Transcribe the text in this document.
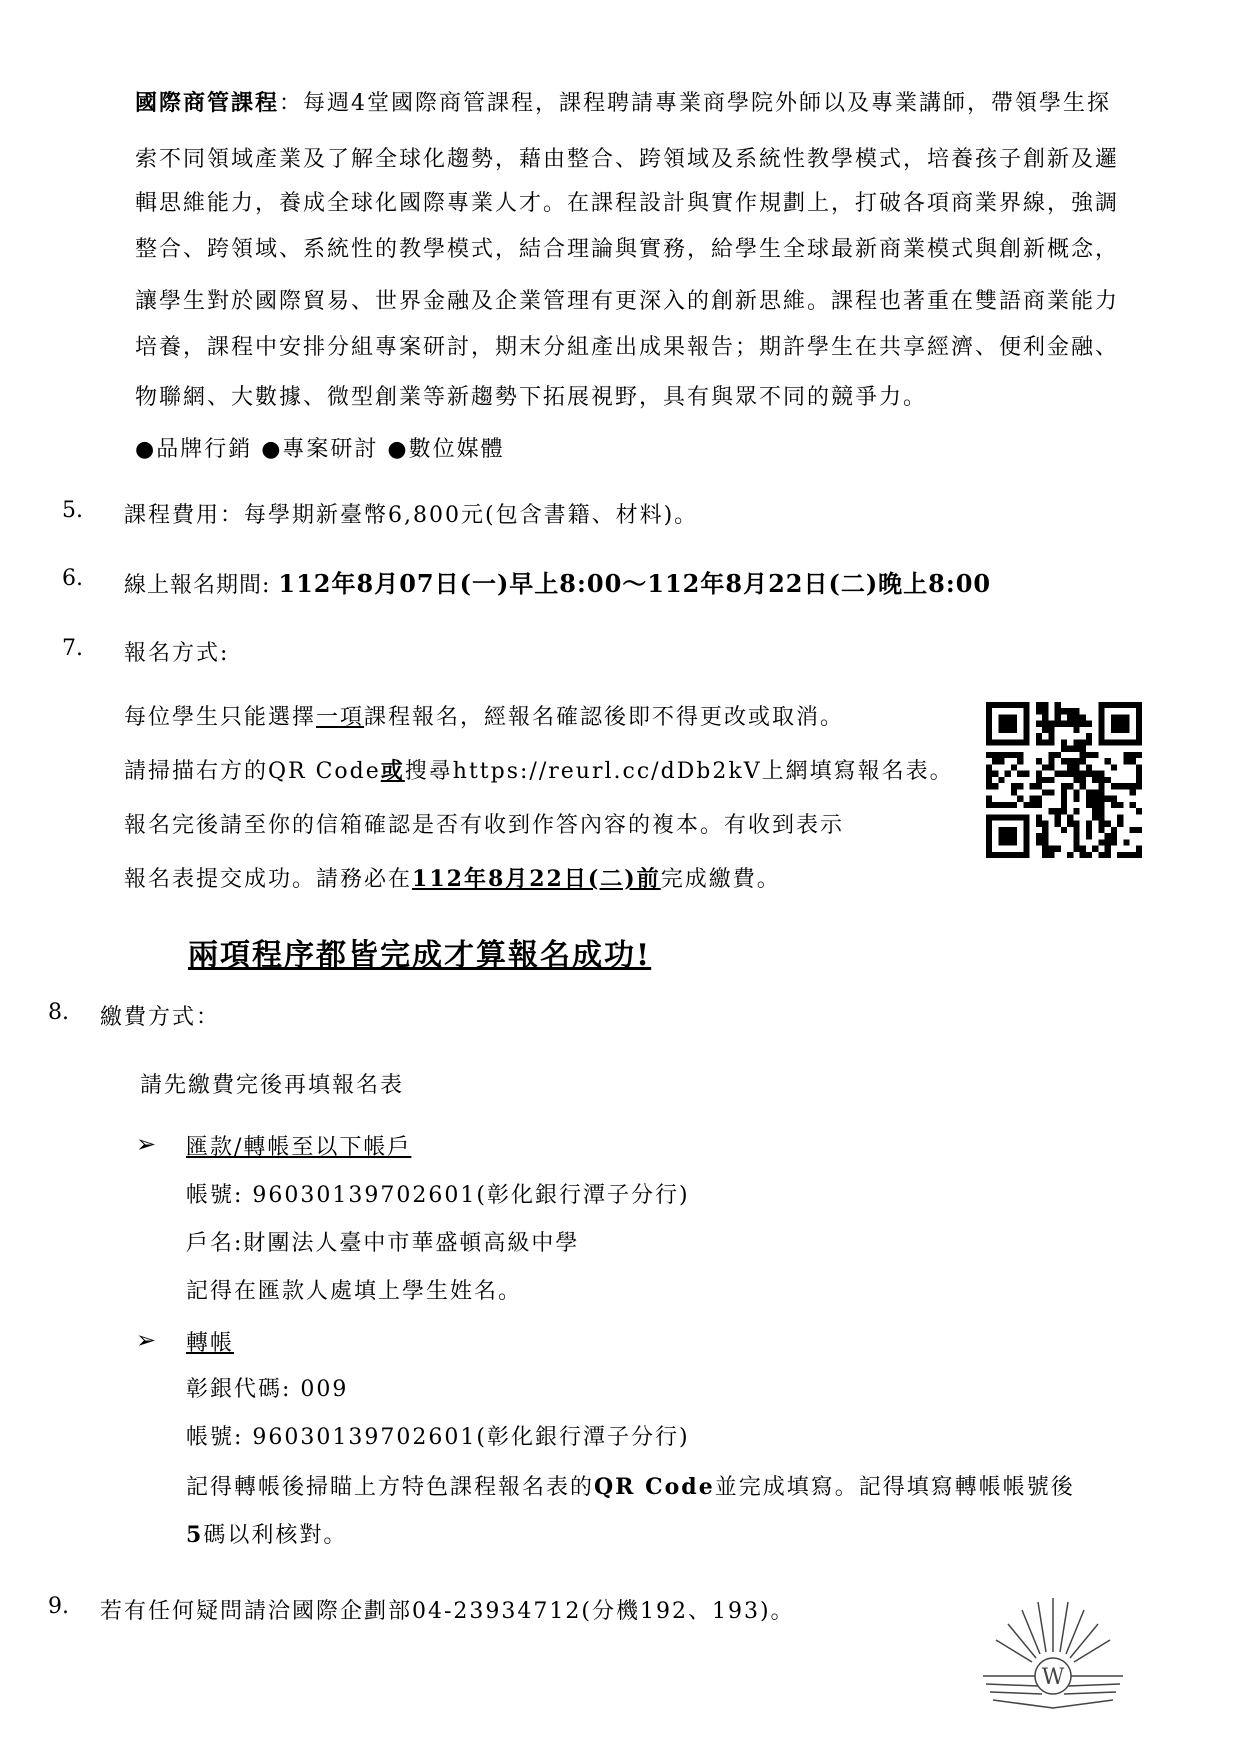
國際商管課程：每週4堂國際商管課程，課程聘請專業商學院外師以及專業講師，帶領學生探
索不同領域產業及了解全球化趨勢，藉由整合、跨領域及系統性教學模式，培養孩子創新及邏
輯思維能力，養成全球化國際專業人才。在課程設計與實作規劃上，打破各項商業界線，強調
整合、跨領域、系統性的教學模式，結合理論與實務，給學生全球最新商業模式與創新概念，
讓學生對於國際貿易、世界金融及企業管理有更深入的創新思維。課程也著重在雙語商業能力
培養，課程中安排分組專案研討，期末分組產出成果報告；期許學生在共享經濟、便利金融、
物聯網、大數據、微型創業等新趨勢下拓展視野，具有與眾不同的競爭力。
●品牌行銷 ●專案研討 ●數位媒體
5. 課程費用：每學期新臺幣6,800元(包含書籍、材料)。
6. 線上報名期間: 112年8月07日(一)早上8:00～112年8月22日(二)晚上8:00
7. 報名方式:
每位學生只能選擇一項課程報名，經報名確認後即不得更改或取消。
請掃描右方的QR Code或搜尋https://reurl.cc/dDb2kV上網填寫報名表。
報名完後請至你的信箱確認是否有收到作答內容的複本。有收到表示
報名表提交成功。請務必在112年8月22日(二)前完成繳費。
兩項程序都皆完成才算報名成功!
8. 繳費方式：
請先繳費完後再填報名表
➢ 匯款/轉帳至以下帳戶
帳號: 96030139702601(彰化銀行潭子分行)
戶名:財團法人臺中市華盛頓高級中學
記得在匯款人處填上學生姓名。
➢ 轉帳
彰銀代碼: 009
帳號: 96030139702601(彰化銀行潭子分行)
記得轉帳後掃瞄上方特色課程報名表的QR Code並完成填寫。記得填寫轉帳帳號後
5碼以利核對。
9. 若有任何疑問請洽國際企劃部04-23934712(分機192、193)。
W
